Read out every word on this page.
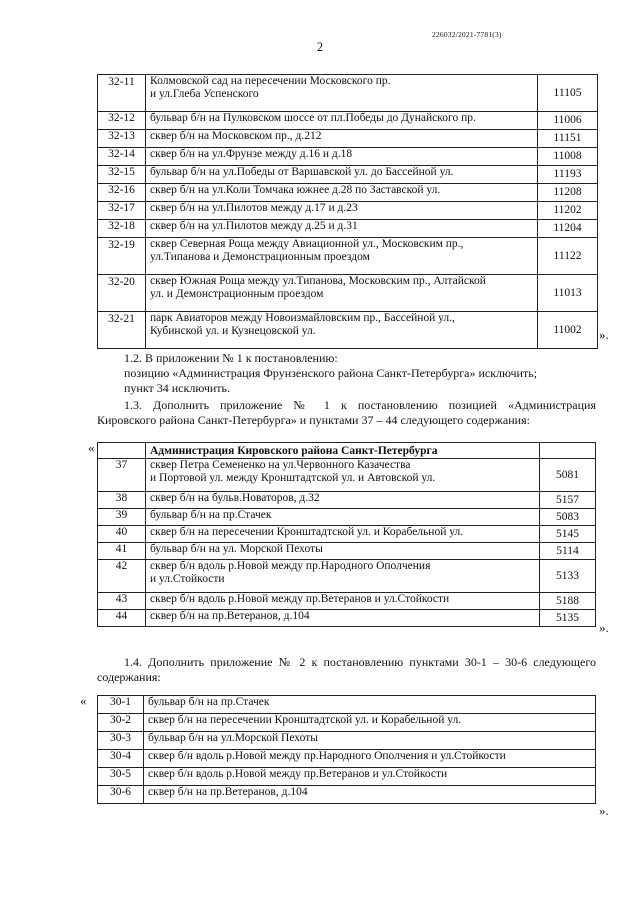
226032/2021-7781(3)
2
32-11	Колмовской сад на пересечении Московского пр.
и ул.Глеба Успенского	11105
32-12	бульвар б/н на Пулковском шоссе от пл.Победы до Дунайского пр.	11006
32-13	сквер б/н на Московском пр., д.212	11151
32-14	сквер б/н на ул.Фрунзе между д.16 и д.18	11008
32-15	бульвар б/н на ул.Победы от Варшавской ул. до Бассейной ул.	11193
32-16	сквер б/н на ул.Коли Томчака южнее д.28 по Заставской ул.	11208
32-17	сквер б/н на ул.Пилотов между д.17 и д.23	11202
32-18	сквер б/н на ул.Пилотов между д.25 и д.31	11204
32-19	сквер Северная Роща между Авиационной ул., Московским пр.,
ул.Типанова и Демонстрационным проездом	11122
32-20	сквер Южная Роща между ул.Типанова, Московским пр., Алтайской
ул. и Демонстрационным проездом	11013
32-21	парк Авиаторов между Новоизмайловским пр., Бассейной ул.,
Кубинской ул. и Кузнецовской ул.	11002 ».
1.2. В приложении № 1 к постановлению:
позицию «Администрация Фрунзенского района Санкт-Петербурга» исключить;
пункт 34 исключить.
1.3. Дополнить приложение № 1 к постановлению позицией «Администрация
Кировского района Санкт-Петербурга» и пунктами 37 – 44 следующего содержания:
«
		Администрация Кировского района Санкт-Петербурга	
37	сквер Петра Семененко на ул.Червонного Казачества
и Портовой ул. между Кронштадтской ул. и Автовской ул.	5081
38	сквер б/н на бульв.Новаторов, д.32	5157
39	бульвар б/н на пр.Стачек	5083
40	сквер б/н на пересечении Кронштадтской ул. и Корабельной ул.	5145
41	бульвар б/н на ул. Морской Пехоты	5114
42	сквер б/н вдоль р.Новой между пр.Народного Ополчения
и ул.Стойкости	5133
43	сквер б/н вдоль р.Новой между пр.Ветеранов и ул.Стойкости	5188
44	сквер б/н на пр.Ветеранов, д.104	5135
».
1.4. Дополнить приложение № 2 к постановлению пунктами 30-1 – 30-6 следующего
содержания:
« 30-1	бульвар б/н на пр.Стачек
30-2	сквер б/н на пересечении Кронштадтской ул. и Корабельной ул.
30-3	бульвар б/н на ул.Морской Пехоты
30-4	сквер б/н вдоль р.Новой между пр.Народного Ополчения и ул.Стойкости
30-5	сквер б/н вдоль р.Новой между пр.Ветеранов и ул.Стойкости
30-6	сквер б/н на пр.Ветеранов, д.104
».
